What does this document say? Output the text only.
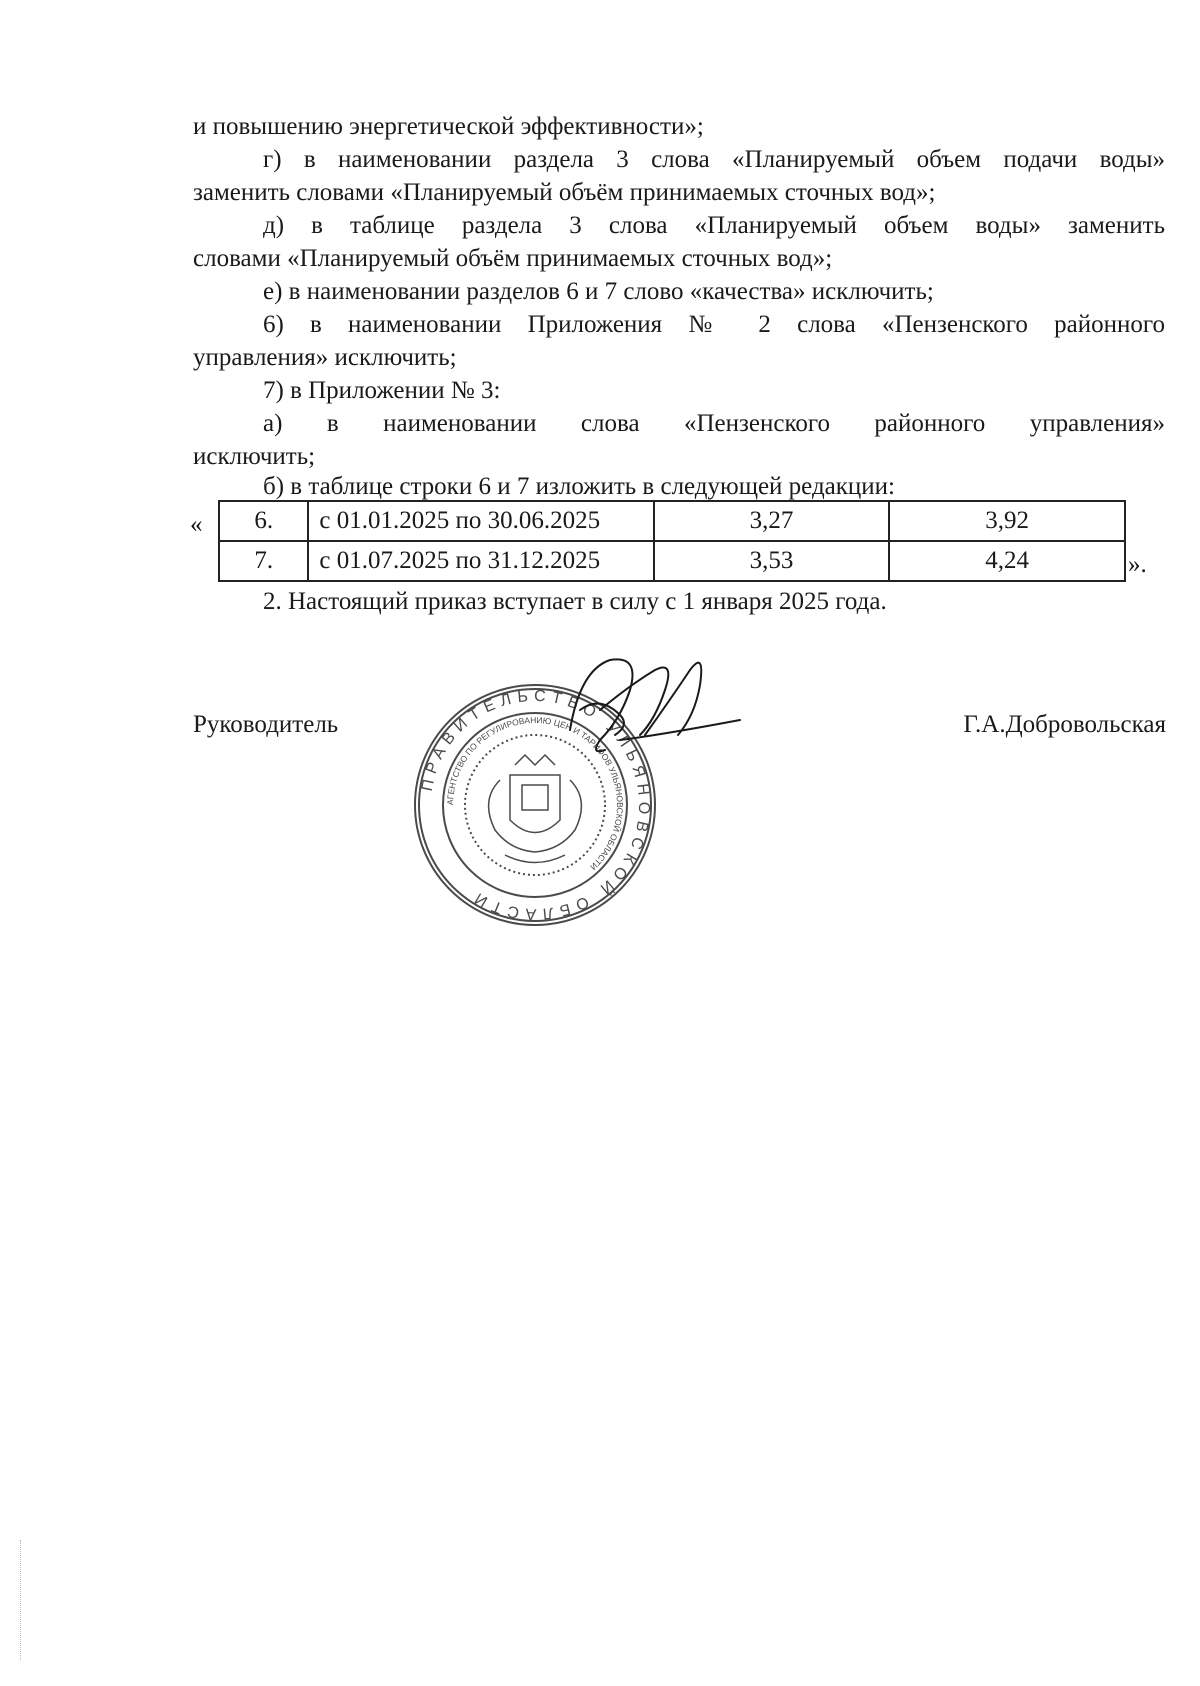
и повышению энергетической эффективности»;
г) в наименовании раздела 3 слова «Планируемый объем подачи воды»
заменить словами «Планируемый объём принимаемых сточных вод»;
д) в таблице раздела 3 слова «Планируемый объем воды» заменить
словами «Планируемый объём принимаемых сточных вод»;
е) в наименовании разделов 6 и 7 слово «качества» исключить;
6) в наименовании Приложения № 2 слова «Пензенского районного
управления» исключить;
7) в Приложении № 3:
а) в наименовании слова «Пензенского районного управления»
исключить;
б) в таблице строки 6 и 7 изложить в следующей редакции:
« 6.	с 01.01.2025 по 30.06.2025	3,27	3,92
7.	с 01.07.2025 по 31.12.2025	3,53	4,24	».
2. Настоящий приказ вступает в силу с 1 января 2025 года.
Руководитель	Г.А.Добровольская
ПРАВИТЕЛЬСТВО УЛЬЯНОВСКОЙ ОБЛАСТИ
АГЕНТСТВО ПО РЕГУЛИРОВАНИЮ ЦЕН И ТАРИФОВ УЛЬЯНОВСКОЙ ОБЛАСТИ
